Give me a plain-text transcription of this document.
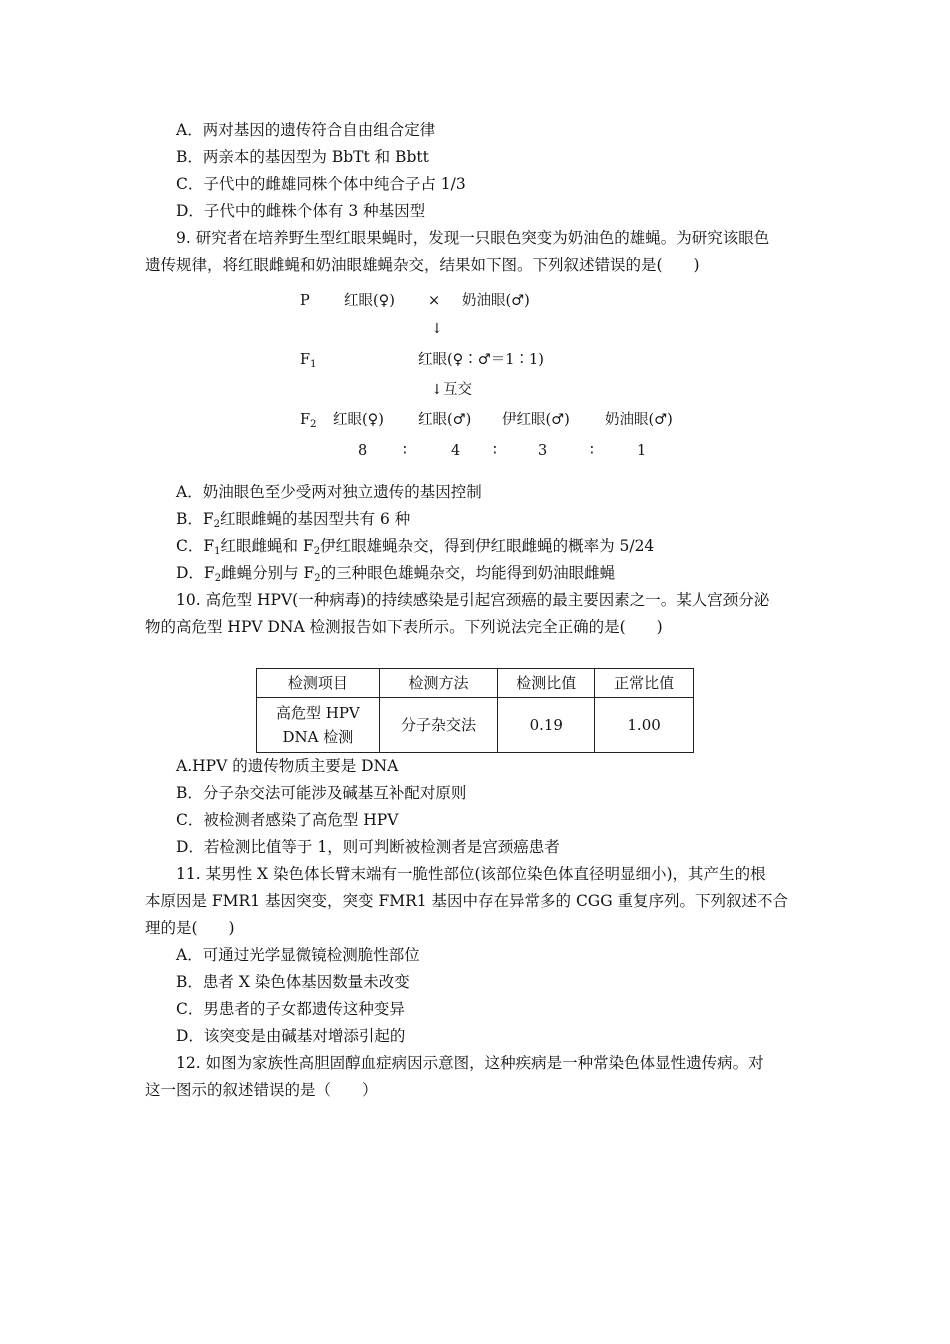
A．两对基因的遗传符合自由组合定律
B．两亲本的基因型为 BbTt 和 Bbtt
C．子代中的雌雄同株个体中纯合子占 1/3
D．子代中的雌株个体有 3 种基因型
9. 研究者在培养野生型红眼果蝇时，发现一只眼色突变为奶油色的雄蝇。为研究该眼色
遗传规律，将红眼雌蝇和奶油眼雄蝇杂交，结果如下图。下列叙述错误的是(　　)
P 红眼(♀) × 奶油眼(♂)
↓
$F_1$	红眼(♀∶♂＝1∶1)
↓ 互交
$F_2$ 红眼(♀) 红眼(♂) 伊红眼(♂) 奶油眼(♂)
8 ∶	4 ∶	3	∶	1
A．奶油眼色至少受两对独立遗传的基因控制
B．$F_2$红眼雌蝇的基因型共有 6 种
C．$F_1$红眼雌蝇和 $F_2$伊红眼雄蝇杂交，得到伊红眼雌蝇的概率为 5/24
D．$F_2$雌蝇分别与 $F_2$的三种眼色雄蝇杂交，均能得到奶油眼雌蝇
10. 高危型 HPV(一种病毒)的持续感染是引起宫颈癌的最主要因素之一。某人宫颈分泌
物的高危型 HPV DNA 检测报告如下表所示。下列说法完全正确的是(　　)
检测项目	检测方法	检测比值	正常比值

高危型 HPV
DNA 检测	分子杂交法	0.19	1.00
A.HPV 的遗传物质主要是 DNA
B．分子杂交法可能涉及碱基互补配对原则
C．被检测者感染了高危型 HPV
D．若检测比值等于 1，则可判断被检测者是宫颈癌患者
11. 某男性 X 染色体长臂末端有一脆性部位(该部位染色体直径明显细小)，其产生的根
本原因是 FMR1 基因突变，突变 FMR1 基因中存在异常多的 CGG 重复序列。下列叙述不合
理的是(　　)
A．可通过光学显微镜检测脆性部位
B．患者 X 染色体基因数量未改变
C．男患者的子女都遗传这种变异
D．该突变是由碱基对增添引起的
12. 如图为家族性高胆固醇血症病因示意图，这种疾病是一种常染色体显性遗传病。对
这一图示的叙述错误的是（　　）
